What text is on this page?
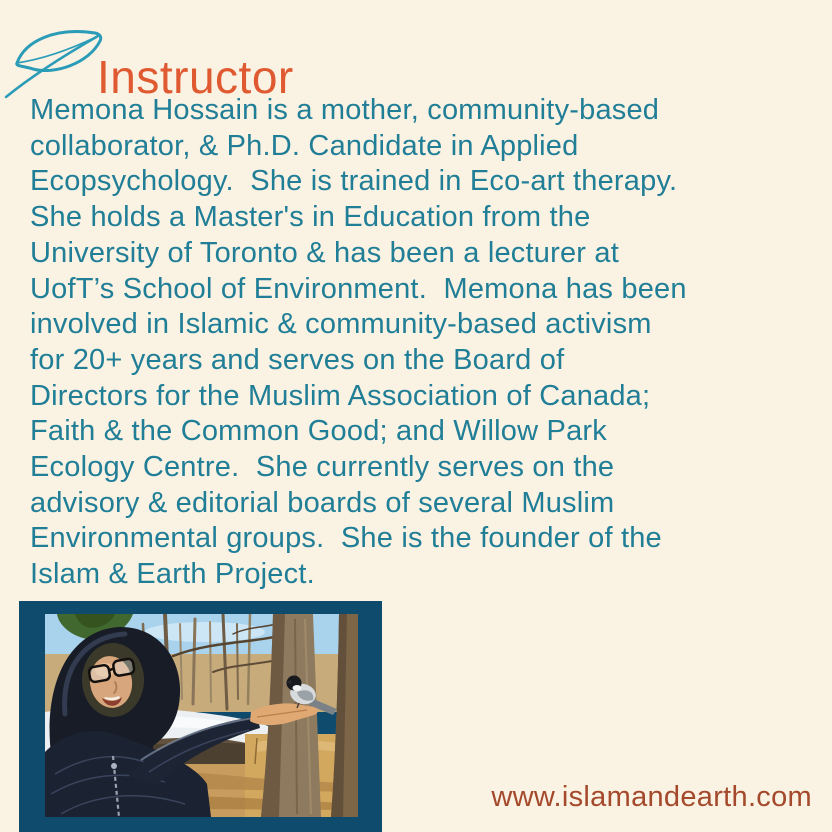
Instructor
Memona Hossain is a mother, community-based
collaborator, & Ph.D. Candidate in Applied
Ecopsychology.  She is trained in Eco-art therapy.
She holds a Master's in Education from the
University of Toronto & has been a lecturer at
UofT’s School of Environment.  Memona has been
involved in Islamic & community-based activism
for 20+ years and serves on the Board of
Directors for the Muslim Association of Canada;
Faith & the Common Good; and Willow Park
Ecology Centre.  She currently serves on the
advisory & editorial boards of several Muslim
Environmental groups.  She is the founder of the
Islam & Earth Project.
www.islamandearth.com
